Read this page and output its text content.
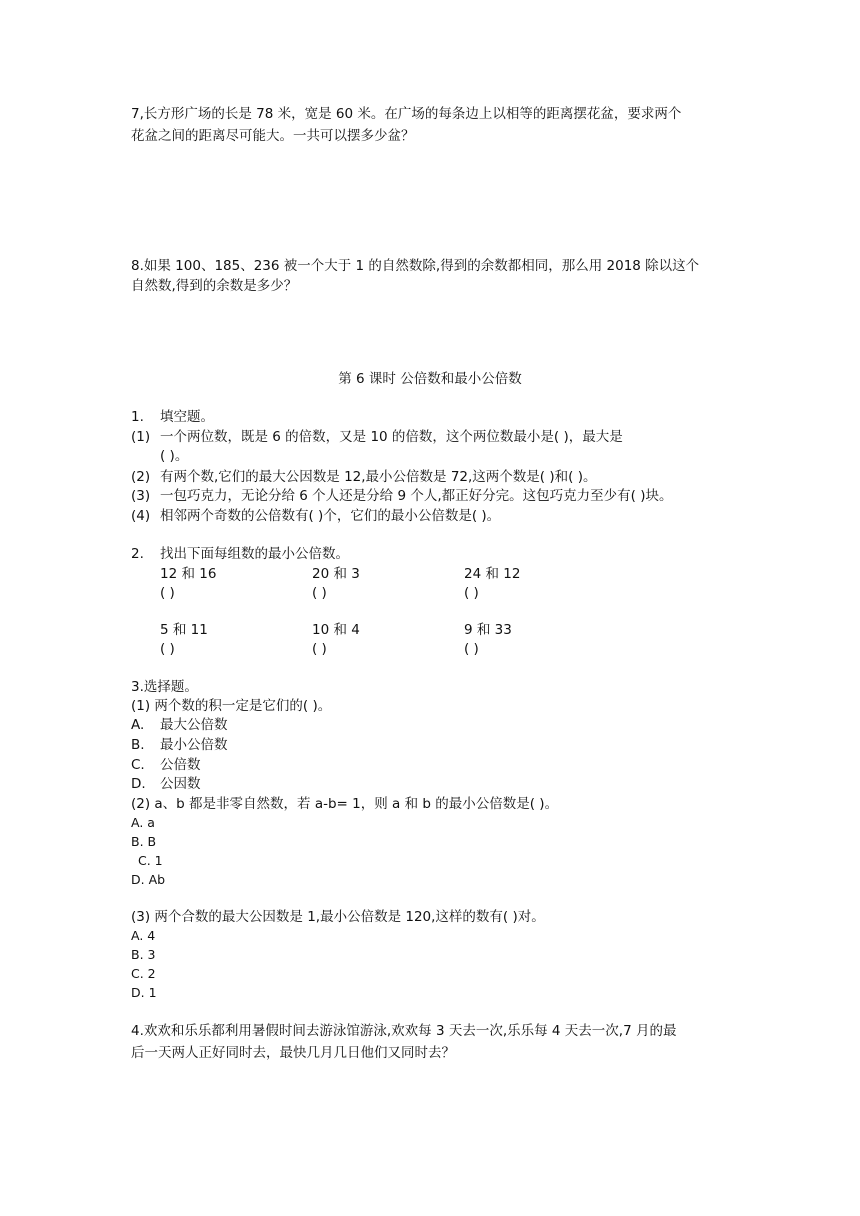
7,长方形广场的长是 78 米，宽是 60 米。在广场的每条边上以相等的距离摆花盆，要求两个
花盆之间的距离尽可能大。一共可以摆多少盆？
8.如果 100、185、236 被一个大于 1 的自然数除,得到的余数都相同，那么用 2018 除以这个
自然数,得到的余数是多少？
第 6 课时 公倍数和最小公倍数
1. 填空题。
(1) 一个两位数，既是 6 的倍数，又是 10 的倍数，这个两位数最小是( )，最大是
( )。
(2) 有两个数,它们的最大公因数是 12,最小公倍数是 72,这两个数是( )和( )。
(3) 一包巧克力，无论分给 6 个人还是分给 9 个人,都正好分完。这包巧克力至少有( )块。
(4) 相邻两个奇数的公倍数有( )个，它们的最小公倍数是( )。
2. 找出下面每组数的最小公倍数。
12 和 16	20 和 3	24 和 12
( )	( )	( )
5 和 11	10 和 4	9 和 33
( )	( )	( )
3.选择题。
(1) 两个数的积一定是它们的( )。
A. 最大公倍数
B. 最小公倍数
C. 公倍数
D. 公因数
(2) a、b 都是非零自然数，若 a-b= 1，则 a 和 b 的最小公倍数是( )。
A. a
B. B
C. 1
D. Ab
(3) 两个合数的最大公因数是 1,最小公倍数是 120,这样的数有( )对。
A. 4
B. 3
C. 2
D. 1
4.欢欢和乐乐都利用暑假时间去游泳馆游泳,欢欢每 3 天去一次,乐乐每 4 天去一次,7 月的最
后一天两人正好同时去，最快几月几日他们又同时去？
